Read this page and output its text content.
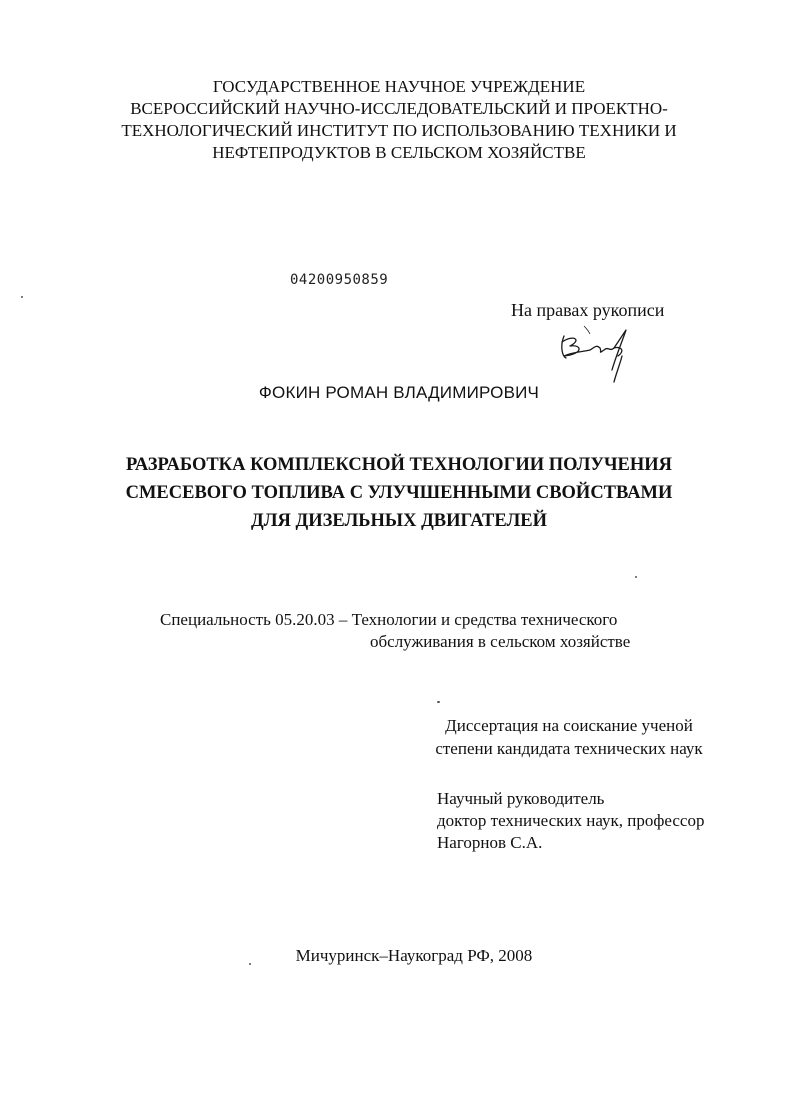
ГОСУДАРСТВЕННОЕ НАУЧНОЕ УЧРЕЖДЕНИЕ
ВСЕРОССИЙСКИЙ НАУЧНО-ИССЛЕДОВАТЕЛЬСКИЙ И ПРОЕКТНО-
ТЕХНОЛОГИЧЕСКИЙ ИНСТИТУТ ПО ИСПОЛЬЗОВАНИЮ ТЕХНИКИ И
НЕФТЕПРОДУКТОВ В СЕЛЬСКОМ ХОЗЯЙСТВЕ
04200950859
На правах рукописи
ФОКИН РОМАН ВЛАДИМИРОВИЧ
РАЗРАБОТКА КОМПЛЕКСНОЙ ТЕХНОЛОГИИ ПОЛУЧЕНИЯ
СМЕСЕВОГО ТОПЛИВА С УЛУЧШЕННЫМИ СВОЙСТВАМИ
ДЛЯ ДИЗЕЛЬНЫХ ДВИГАТЕЛЕЙ
Специальность 05.20.03 – Технологии и средства технического
обслуживания в сельском хозяйстве
Диссертация на соискание ученой
степени кандидата технических наук
Научный руководитель
доктор технических наук, профессор
Нагорнов С.А.
Мичуринск–Наукоград РФ, 2008
